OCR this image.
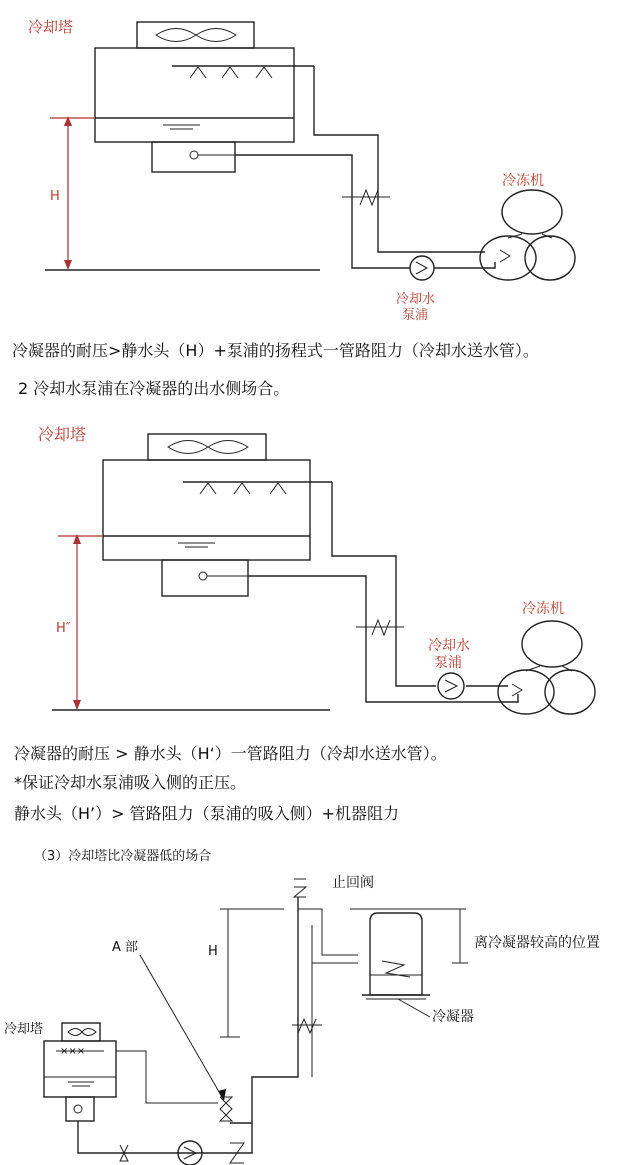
冷却塔
H
冷却水
泵浦
冷冻机

冷凝器的耐压>静水头（H）+泵浦的扬程式一管路阻力（冷却水送水管）。

2 冷却水泵浦在冷凝器的出水侧场合。

冷却塔
H″
冷却水
泵浦
冷冻机

冷凝器的耐压 > 静水头（H‘）一管路阻力（冷却水送水管）。

*保证冷却水泵浦吸入侧的正压。

静水头（H’）> 管路阻力（泵浦的吸入侧）+机器阻力

（3）冷却塔比冷凝器低的场合

止回阀
H
A 部	离冷凝器较高的位置
冷凝器
冷却塔
×××
